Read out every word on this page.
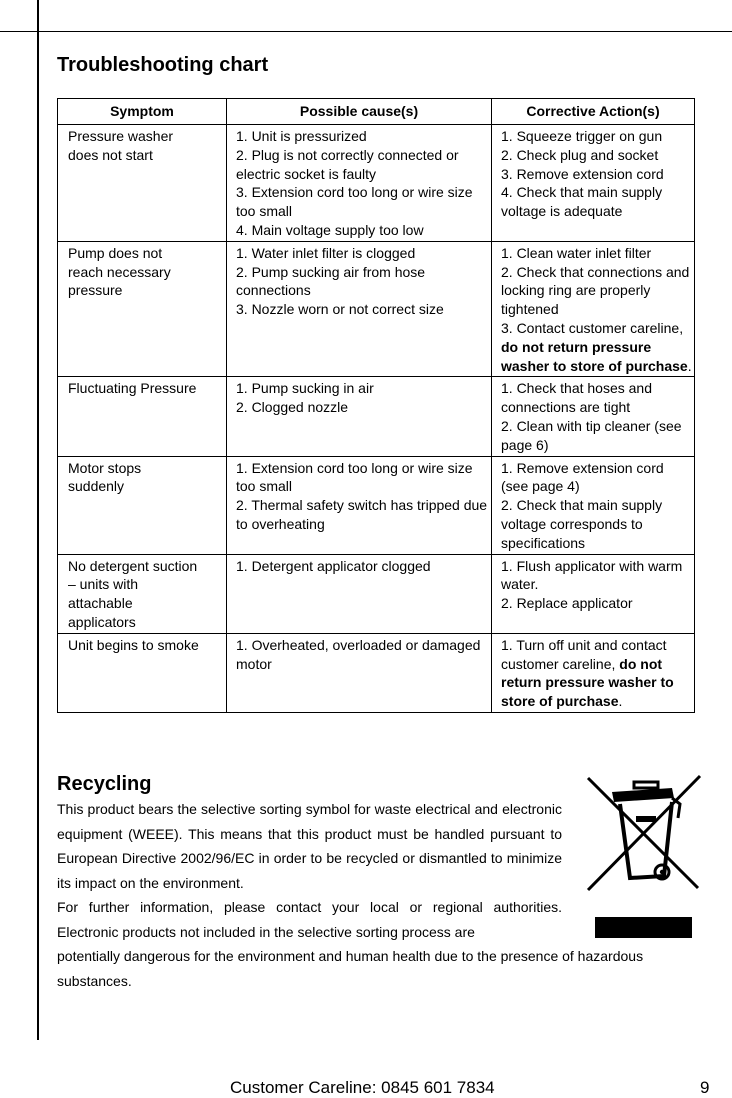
Troubleshooting chart
Symptom	Possible cause(s)	Corrective Action(s)

Pressure washer
does not start	1. Unit is pressurized
2. Plug is not correctly connected or electric socket is faulty
3. Extension cord too long or wire size too small
4. Main voltage supply too low	1. Squeeze trigger on gun
2. Check plug and socket
3. Remove extension cord
4. Check that main supply voltage is adequate

Pump does not
reach necessary
pressure	1. Water inlet filter is clogged
2. Pump sucking air from hose connections
3. Nozzle worn or not correct size	1. Clean water inlet filter
2. Check that connections and locking ring are properly tightened
3. Contact customer careline, do not return pressure washer to store of purchase.

Fluctuating Pressure	1. Pump sucking in air
2. Clogged nozzle	1. Check that hoses and connections are tight
2. Clean with tip cleaner (see page 6)

Motor stops
suddenly	1. Extension cord too long or wire size too small
2. Thermal safety switch has tripped due to overheating	1. Remove extension cord (see page 4)
2. Check that main supply voltage corresponds to specifications

No detergent suction
– units with
attachable
applicators	1. Detergent applicator clogged	1. Flush applicator with warm water.
2. Replace applicator

Unit begins to smoke	1. Overheated, overloaded or damaged motor	1. Turn off unit and contact customer careline, do not return pressure washer to store of purchase.
Recycling
This product bears the selective sorting symbol for waste electrical and electronic equipment (WEEE). This means that this product must be handled pursuant to European Directive 2002/96/EC in order to be recycled or dismantled to minimize its impact on the environment.
For further information, please contact your local or regional authorities. Electronic products not included in the selective sorting process are
potentially dangerous for the environment and human health due to the presence of hazardous substances.
Customer Careline: 0845 601 7834	9
